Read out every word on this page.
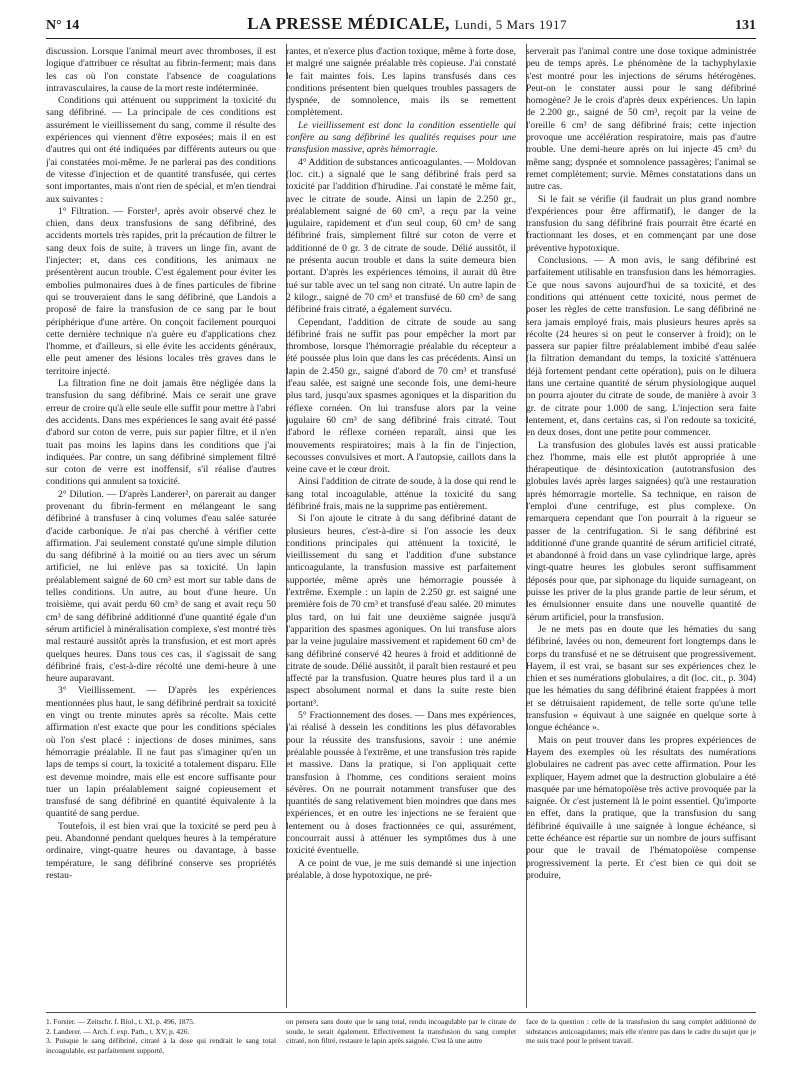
N° 14	LA PRESSE MÉDICALE, Lundi, 5 Mars 1917	131

discussion. Lorsque l'animal meurt avec thromboses, il est logique d'attribuer ce résultat au fibrin-ferment; mais dans les cas où l'on constate l'absence de coagulations intravasculaires, la cause de la mort reste indéterminée.

Conditions qui atténuent ou suppriment la toxicité du sang défibriné. — La principale de ces conditions est assurément le vieillissement du sang, comme il résulte des expériences qui viennent d'être exposées; mais il en est d'autres qui ont été indiquées par différents auteurs ou que j'ai constatées moi-même. Je ne parlerai pas des conditions de vitesse d'injection et de quantité transfusée, qui certes sont importantes, mais n'ont rien de spécial, et m'en tiendrai aux suivantes :

1° Filtration. — Forster¹, après avoir observé chez le chien, dans deux transfusions de sang défibriné, des accidents mortels très rapides, prit la précaution de filtrer le sang deux fois de suite, à travers un linge fin, avant de l'injecter; et, dans ces conditions, les animaux ne présentèrent aucun trouble. C'est également pour éviter les embolies pulmonaires dues à de fines particules de fibrine qui se trouveraient dans le sang défibriné, que Landois a proposé de faire la transfusion de ce sang par le bout périphérique d'une artère. On conçoit facilement pourquoi cette dernière technique n'a guère eu d'applications chez l'homme, et d'ailleurs, si elle évite les accidents généraux, elle peut amener des lésions locales très graves dans le territoire injecté.

La filtration fine ne doit jamais être négligée dans la transfusion du sang défibriné. Mais ce serait une grave erreur de croire qu'à elle seule elle suffit pour mettre à l'abri des accidents. Dans mes expériences le sang avait été passé d'abord sur coton de verre, puis sur papier filtre, et il n'en tuait pas moins les lapins dans les conditions que j'ai indiquées. Par contre, un sang défibriné simplement filtré sur coton de verre est inoffensif, s'il réalise d'autres conditions qui annulent sa toxicité.

2° Dilution. — D'après Landerer², on parerait au danger provenant du fibrin-ferment en mélangeant le sang défibriné à transfuser à cinq volumes d'eau salée saturée d'acide carbonique. Je n'ai pas cherché à vérifier cette affirmation. J'ai seulement constaté qu'une simple dilution du sang défibriné à la moitié ou au tiers avec un sérum artificiel, ne lui enlève pas sa toxicité. Un lapin préalablement saigné de 60 cm³ est mort sur table dans de telles conditions. Un autre, au bout d'une heure. Un troisième, qui avait perdu 60 cm³ de sang et avait reçu 50 cm³ de sang défibriné additionné d'une quantité égale d'un sérum artificiel à minéralisation complexe, s'est montré très mal restauré aussitôt après la transfusion, et est mort après quelques heures. Dans tous ces cas, il s'agissait de sang défibriné frais, c'est-à-dire récolté une demi-heure à une heure auparavant.

3° Vieillissement. — D'après les expériences mentionnées plus haut, le sang défibriné perdrait sa toxicité en vingt ou trente minutes après sa récolte. Mais cette affirmation n'est exacte que pour les conditions spéciales où l'on s'est placé : injections de doses minimes, sans hémorragie préalable. Il ne faut pas s'imaginer qu'en un laps de temps si court, la toxicité a totalement disparu. Elle est devenue moindre, mais elle est encore suffisante pour tuer un lapin préalablement saigné copieusement et transfusé de sang défibriné en quantité équivalente à la quantité de sang perdue.

Toutefois, il est bien vrai que la toxicité se perd peu à peu. Abandonné pendant quelques heures à la température ordinaire, vingt-quatre heures ou davantage, à basse température, le sang défibriné conserve ses propriétés restau-

rantes, et n'exerce plus d'action toxique, même à forte dose, et malgré une saignée préalable très copieuse. J'ai constaté le fait maintes fois. Les lapins transfusés dans ces conditions présentent bien quelques troubles passagers de dyspnée, de somnolence, mais ils se remettent complètement.

Le vieillissement est donc la condition essentielle qui confère au sang défibriné les qualités requises pour une transfusion massive, après hémorragie.

4° Addition de substances anticoagulantes. — Moldovan (loc. cit.) a signalé que le sang défibriné frais perd sa toxicité par l'addition d'hirudine. J'ai constaté le même fait, avec le citrate de soude. Ainsi un lapin de 2.250 gr., préalablement saigné de 60 cm³, a reçu par la veine jugulaire, rapidement et d'un seul coup, 60 cm³ de sang défibriné frais, simplement filtré sur coton de verre et additionné de 0 gr. 3 de citrate de soude. Délié aussitôt, il ne présenta aucun trouble et dans la suite demeura bien portant. D'après les expériences témoins, il aurait dû être tué sur table avec un tel sang non citraté. Un autre lapin de 2 kilogr., saigné de 70 cm³ et transfusé de 60 cm³ de sang défibriné frais citraté, a également survécu.

Cependant, l'addition de citrate de soude au sang défibriné frais ne suffit pas pour empêcher la mort par thrombose, lorsque l'hémorragie préalable du récepteur a été poussée plus loin que dans les cas précédents. Ainsi un lapin de 2.450 gr., saigné d'abord de 70 cm³ et transfusé d'eau salée, est saigné une seconde fois, une demi-heure plus tard, jusqu'aux spasmes agoniques et la disparition du réflexe cornéen. On lui transfuse alors par la veine jugulaire 60 cm³ de sang défibriné frais citraté. Tout d'abord le réflexe cornéen reparaît, ainsi que les mouvements respiratoires; mais à la fin de l'injection, secousses convulsives et mort. A l'autopsie, caillots dans la veine cave et le cœur droit.

Ainsi l'addition de citrate de soude, à la dose qui rend le sang total incoagulable, atténue la toxicité du sang défibriné frais, mais ne la supprime pas entièrement.

Si l'on ajoute le citrate à du sang défibriné datant de plusieurs heures, c'est-à-dire si l'on associe les deux conditions principales qui atténuent la toxicité, le vieillissement du sang et l'addition d'une substance anticoagulante, la transfusion massive est parfaitement supportée, même après une hémorragie poussée à l'extrême. Exemple : un lapin de 2.250 gr. est saigné une première fois de 70 cm³ et transfusé d'eau salée. 20 minutes plus tard, on lui fait une deuxième saignée jusqu'à l'apparition des spasmes agoniques. On lui transfuse alors par la veine jugulaire massivement et rapidement 60 cm³ de sang défibriné conservé 42 heures à froid et additionné de citrate de soude. Délié aussitôt, il paraît bien restauré et peu affecté par la transfusion. Quatre heures plus tard il a un aspect absolument normal et dans la suite reste bien portant³.

5° Fractionnement des doses. — Dans mes expériences, j'ai réalisé à dessein les conditions les plus défavorables pour la réussite des transfusions, savoir : une anémie préalable poussée à l'extrême, et une transfusion très rapide et massive. Dans la pratique, si l'on appliquait cette transfusion à l'homme, ces conditions seraient moins sévères. On ne pourrait notamment transfuser que des quantités de sang relativement bien moindres que dans mes expériences, et en outre les injections ne se feraient que lentement ou à doses fractionnées ce qui, assurément, concourrait aussi à atténuer les symptômes dus à une toxicité éventuelle.

A ce point de vue, je me suis demandé si une injection préalable, à dose hypotoxique, ne pré-

serverait pas l'animal contre une dose toxique administrée peu de temps après. Le phénomène de la tachyphylaxie s'est montré pour les injections de sérums hétérogènes. Peut-on le constater aussi pour le sang défibriné homogène? Je le crois d'après deux expériences. Un lapin de 2.200 gr., saigné de 50 cm³, reçoit par la veine de l'oreille 6 cm³ de sang défibriné frais; cette injection provoque une accélération respiratoire, mais pas d'autre trouble. Une demi-heure après on lui injecte 45 cm³ du même sang; dyspnée et somnolence passagères; l'animal se remet complètement; survie. Mêmes constatations dans un autre cas.

Si le fait se vérifie (il faudrait un plus grand nombre d'expériences pour être affirmatif), le danger de la transfusion du sang défibriné frais pourrait être écarté en fractionnant les doses, et en commençant par une dose préventive hypotoxique.

Conclusions. — A mon avis, le sang défibriné est parfaitement utilisable en transfusion dans les hémorragies. Ce que nous savons aujourd'hui de sa toxicité, et des conditions qui atténuent cette toxicité, nous permet de poser les règles de cette transfusion. Le sang défibriné ne sera jamais employé frais, mais plusieurs heures après sa récolte (24 heures si on peut le conserver à froid); on le passera sur papier filtre préalablement imbibé d'eau salée (la filtration demandant du temps, la toxicité s'atténuera déjà fortement pendant cette opération), puis on le diluera dans une certaine quantité de sérum physiologique auquel on pourra ajouter du citrate de soude, de manière à avoir 3 gr. de citrate pour 1.000 de sang. L'injection sera faite lentement, et, dans certains cas, si l'on redoute sa toxicité, en deux doses, dont une petite pour commencer.

La transfusion des globules lavés est aussi praticable chez l'homme, mais elle est plutôt appropriée à une thérapeutique de désintoxication (autotransfusion des globules lavés après larges saignées) qu'à une restauration après hémorragie mortelle. Sa technique, en raison de l'emploi d'une centrifuge, est plus complexe. On remarquera cependant que l'on pourrait à la rigueur se passer de la centrifugation. Si le sang défibriné est additionné d'une grande quantité de sérum artificiel citraté, et abandonné à froid dans un vase cylindrique large, après vingt-quatre heures les globules seront suffisamment déposés pour que, par siphonage du liquide surnageant, on puisse les priver de la plus grande partie de leur sérum, et les émulsionner ensuite dans une nouvelle quantité de sérum artificiel, pour la transfusion.

Je ne mets pas en doute que les hématies du sang défibriné, lavées ou non, demeurent fort longtemps dans le corps du transfusé et ne se détruisent que progressivement. Hayem, il est vrai, se basant sur ses expériences chez le chien et ses numérations globulaires, a dit (loc. cit., p. 304) que les hématies du sang défibriné étaient frappées à mort et se détruisaient rapidement, de telle sorte qu'une telle transfusion « équivaut à une saignée en quelque sorte à longue échéance ».

Mais on peut trouver dans les propres expériences de Hayem des exemples où les résultats des numérations globulaires ne cadrent pas avec cette affirmation. Pour les expliquer, Hayem admet que la destruction globulaire a été masquée par une hématopoïèse très active provoquée par la saignée. Or c'est justement là le point essentiel. Qu'importe en effet, dans la pratique, que la transfusion du sang défibriné équivaille à une saignée à longue échéance, si cette échéance est répartie sur un nombre de jours suffisant pour que le travail de l'hématopoïèse compense progressivement la perte. Et c'est bien ce qui doit se produire,

1. Forster. — Zeitschr. f. Biol., t. XI, p. 496, 1875.
2. Landerer. — Arch. f. exp. Path., t. XV, p. 426.
3. Puisque le sang défibriné, citraté à la dose qui rendrait le sang total incoagulable, est parfaitement supporté,
on pensera sans doute que le sang total, rendu incoagulable par le citrate de soude, le serait également. Effectivement la transfusion du sang complet citraté, non filtré, restaure le lapin après saignée. C'est là une autre
face de la question : celle de la transfusion du sang complet additionné de substances anticoagulantes; mais elle n'entre pas dans le cadre du sujet que je me suis tracé pour le présent travail.
